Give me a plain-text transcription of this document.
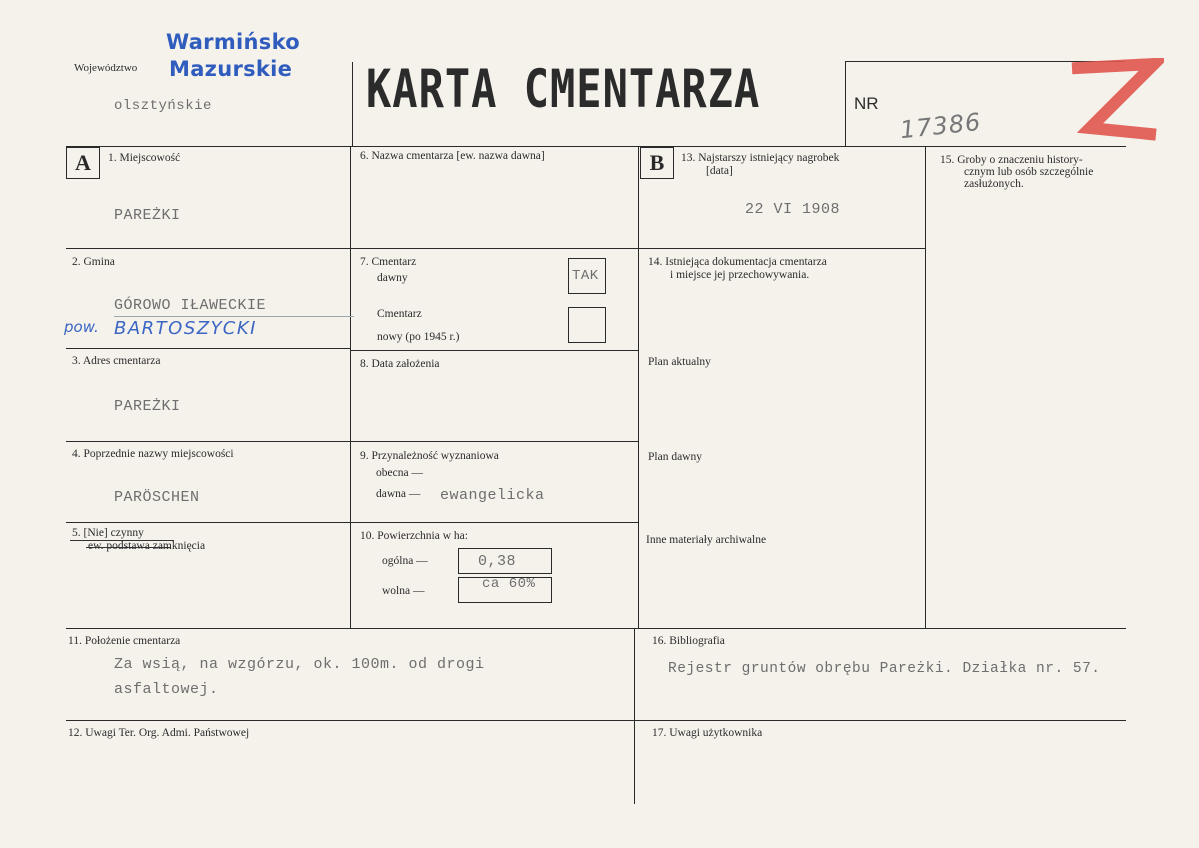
Województwo
Warmińsko
Mazurskie
olsztyńskie	KARTA CMENTARZA	NR
17386
A	1. Miejscowość
PAREŻKI
2. Gmina
GÓROWO IŁAWECKIE
pow. BARTOSZYCKI
3. Adres cmentarza
PAREŻKI
4. Poprzednie nazwy miejscowości
PARÖSCHEN
5. [Nie] czynny
ew. podstawa zamknięcia
6. Nazwa cmentarza [ew. nazwa dawna]
7. Cmentarz
dawny	TAK
Cmentarz
nowy (po 1945 r.)
8. Data założenia
9. Przynależność wyznaniowa
obecna —
dawna — ewangelicka
10. Powierzchnia w ha:
ogólna —	0,38
wolna —	ca 60%
B	13. Najstarszy istniejący nagrobek
[data]
22 VI 1908
14. Istniejąca dokumentacja cmentarza
i miejsce jej przechowywania.
Plan aktualny
Plan dawny
Inne materiały archiwalne
15. Groby o znaczeniu history-
cznym lub osób szczególnie
zasłużonych.
11. Położenie cmentarza
Za wsią, na wzgórzu, ok. 100m. od drogi
asfaltowej.
16. Bibliografia
Rejestr gruntów obrębu Pareżki. Działka nr. 57.
12. Uwagi Ter. Org. Admi. Państwowej	17. Uwagi użytkownika
